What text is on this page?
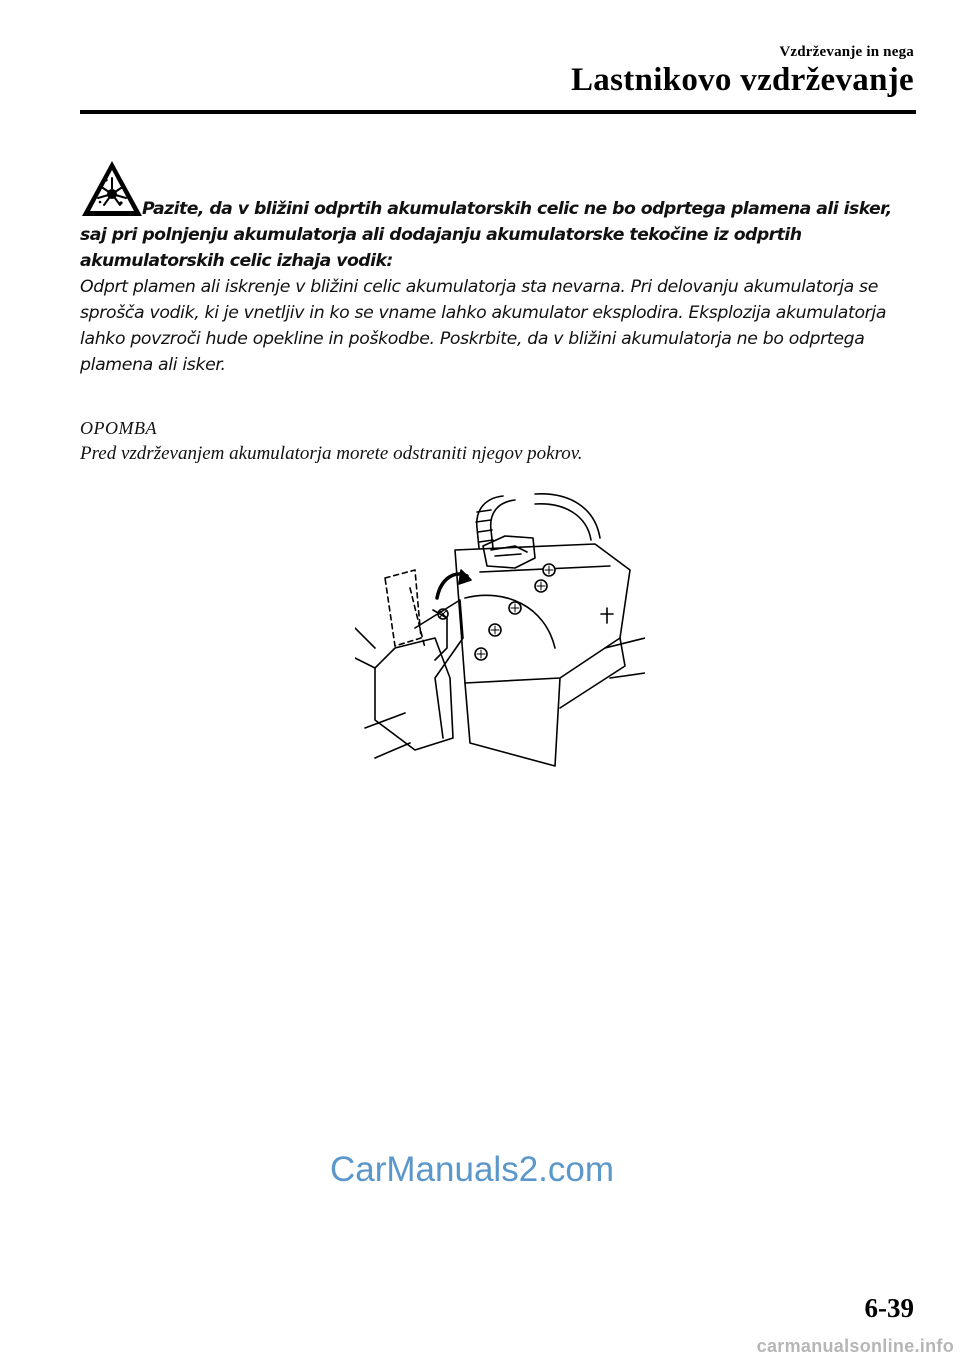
Vzdrževanje in nega
Lastnikovo vzdrževanje
Pazite, da v bližini odprtih akumulatorskih celic ne bo odprtega plamena ali isker, saj pri polnjenju akumulatorja ali dodajanju akumulatorske tekočine iz odprtih akumulatorskih celic izhaja vodik:
Odprt plamen ali iskrenje v bližini celic akumulatorja sta nevarna. Pri delovanju akumulatorja se sprošča vodik, ki je vnetljiv in ko se vname lahko akumulator eksplodira. Eksplozija akumulatorja lahko povzroči hude opekline in poškodbe. Poskrbite, da v bližini akumulatorja ne bo odprtega plamena ali isker.
OPOMBA
Pred vzdrževanjem akumulatorja morete odstraniti njegov pokrov.
CarManuals2.com
6-39
carmanualsonline.info
